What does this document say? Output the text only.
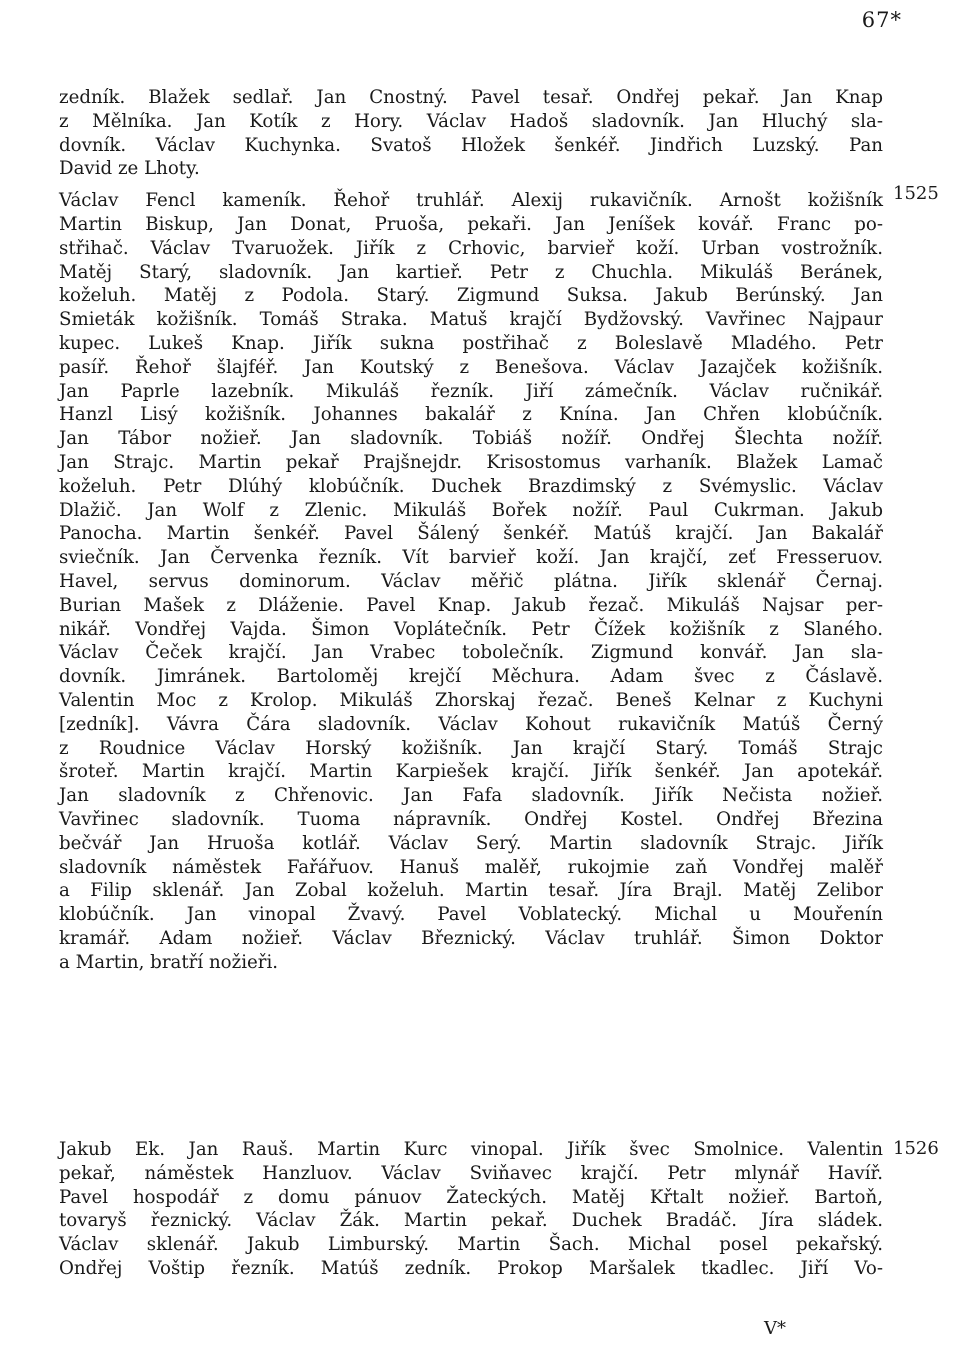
67*
1525
zedník. Blažek sedlař. Jan Cnostný. Pavel tesař. Ondřej pekař. Jan Knap
z Mělníka. Jan Kotík z Hory. Václav Hadoš sladovník. Jan Hluchý sla-
dovník. Václav Kuchynka. Svatoš Hložek šenkéř. Jindřich Luzský. Pan
David ze Lhoty.
Václav Fencl kameník. Řehoř truhlář. Alexij rukavičník. Arnošt kožišník
Martin Biskup, Jan Donat, Pruoša, pekaři. Jan Jeníšek kovář. Franc po-
střihač. Václav Tvaruožek. Jiřík z Crhovic, barvieř koží. Urban vostrožník.
Matěj Starý, sladovník. Jan kartieř. Petr z Chuchla. Mikuláš Beránek,
koželuh. Matěj z Podola. Starý. Zigmund Suksa. Jakub Berúnský. Jan
Smieták kožišník. Tomáš Straka. Matuš krajčí Bydžovský. Vavřinec Najpaur
kupec. Lukeš Knap. Jiřík sukna postřihač z Boleslavě Mladého. Petr
pasíř. Řehoř šlajféř. Jan Koutský z Benešova. Václav Jazajček kožišník.
Jan Paprle lazebník. Mikuláš řezník. Jiří zámečník. Václav ručnikář.
Hanzl Lisý kožišník. Johannes bakalář z Knína. Jan Chřen klobúčník.
Jan Tábor nožieř. Jan sladovník. Tobiáš nožíř. Ondřej Šlechta nožíř.
Jan Strajc. Martin pekař Prajšnejdr. Krisostomus varhaník. Blažek Lamač
koželuh. Petr Dlúhý klobúčník. Duchek Brazdimský z Svémyslic. Václav
Dlažič. Jan Wolf z Zlenic. Mikuláš Bořek nožíř. Paul Cukrman. Jakub
Panocha. Martin šenkéř. Pavel Šálený šenkéř. Matúš krajčí. Jan Bakalář
sviečník. Jan Červenka řezník. Vít barvieř koží. Jan krajčí, zeť Fresseruov.
Havel, servus dominorum. Václav měřič plátna. Jiřík sklenář Černaj.
Burian Mašek z Dláženie. Pavel Knap. Jakub řezač. Mikuláš Najsar per-
nikář. Vondřej Vajda. Šimon Voplátečník. Petr Čížek kožišník z Slaného.
Václav Čeček krajčí. Jan Vrabec tobolečník. Zigmund konvář. Jan sla-
dovník. Jimránek. Bartoloměj krejčí Měchura. Adam švec z Čáslavě.
Valentin Moc z Krolop. Mikuláš Zhorskaj řezač. Beneš Kelnar z Kuchyni
[zedník]. Vávra Čára sladovník. Václav Kohout rukavičník Matúš Černý
z Roudnice Václav Horský kožišník. Jan krajčí Starý. Tomáš Strajc
šroteř. Martin krajčí. Martin Karpiešek krajčí. Jiřík šenkéř. Jan apotekář.
Jan sladovník z Chřenovic. Jan Fafa sladovník. Jiřík Nečista nožieř.
Vavřinec sladovník. Tuoma nápravník. Ondřej Kostel. Ondřej Březina
bečvář Jan Hruoša kotlář. Václav Serý. Martin sladovník Strajc. Jiřík
sladovník náměstek Fařářuov. Hanuš malěř, rukojmie zaň Vondřej malěř
a Filip sklenář. Jan Zobal koželuh. Martin tesař. Jíra Brajl. Matěj Zelibor
klobúčník. Jan vinopal Žvavý. Pavel Voblatecký. Michal u Mouřenín
kramář. Adam nožieř. Václav Březnický. Václav truhlář. Šimon Doktor
a Martin, bratří nožieři.
1526
Jakub Ek. Jan Rauš. Martin Kurc vinopal. Jiřík švec Smolnice. Valentin
pekař, náměstek Hanzluov. Václav Sviňavec krajčí. Petr mlynář Havíř.
Pavel hospodář z domu pánuov Žateckých. Matěj Křtalt nožieř. Bartoň,
tovaryš řeznický. Václav Žák. Martin pekař. Duchek Bradáč. Jíra sládek.
Václav sklenář. Jakub Limburský. Martin Šach. Michal posel pekařský.
Ondřej Voštip řezník. Matúš zedník. Prokop Maršalek tkadlec. Jiří Vo-
V*
